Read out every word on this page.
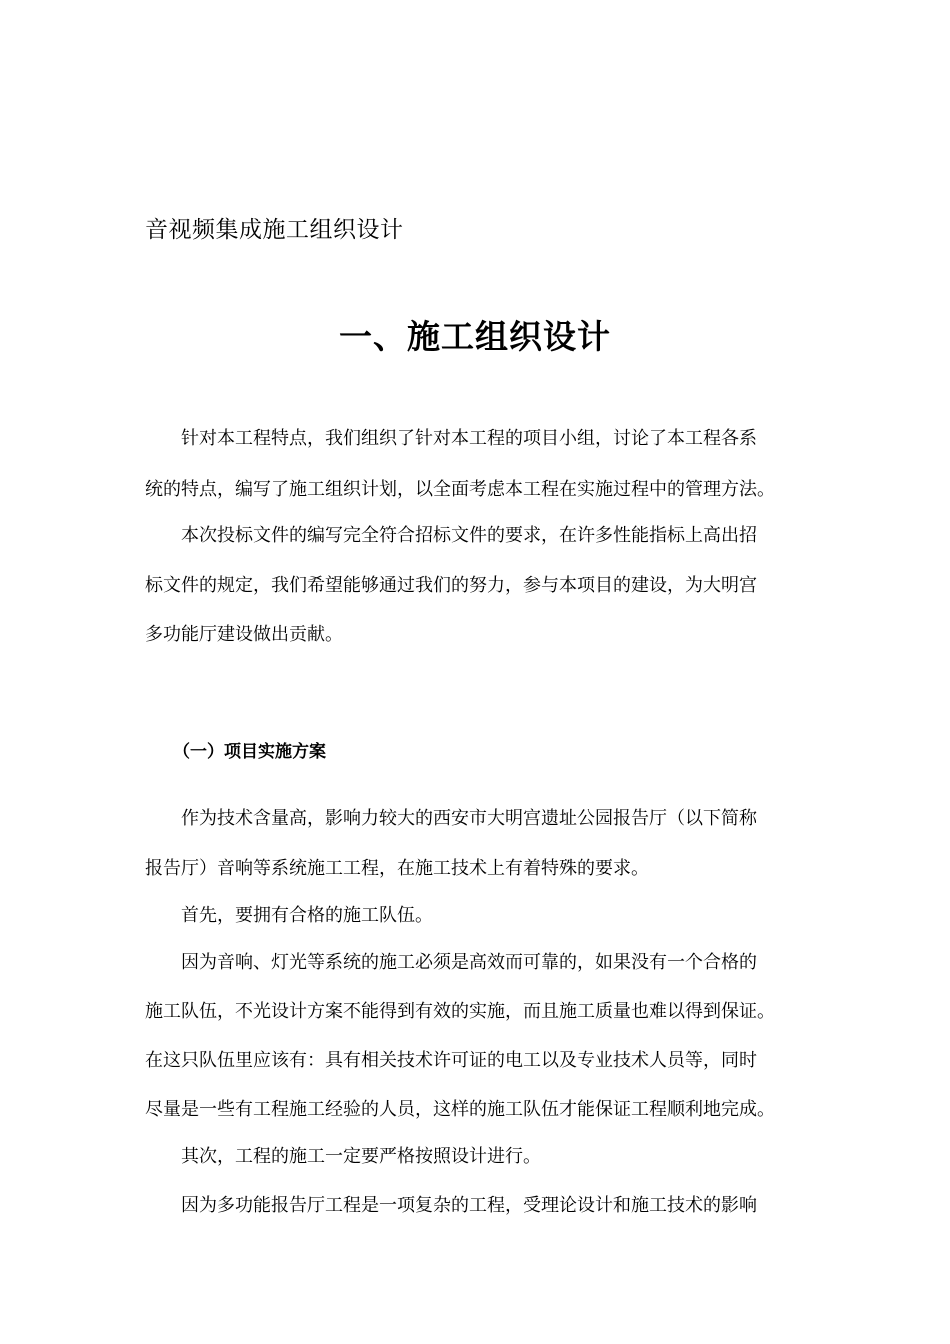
音视频集成施工组织设计
一、施工组织设计
针对本工程特点，我们组织了针对本工程的项目小组，讨论了本工程各系
统的特点，编写了施工组织计划，以全面考虑本工程在实施过程中的管理方法。
本次投标文件的编写完全符合招标文件的要求，在许多性能指标上高出招
标文件的规定，我们希望能够通过我们的努力，参与本项目的建设，为大明宫
多功能厅建设做出贡献。
（一）项目实施方案
作为技术含量高，影响力较大的西安市大明宫遗址公园报告厅（以下简称
报告厅）音响等系统施工工程，在施工技术上有着特殊的要求。
首先，要拥有合格的施工队伍。
因为音响、灯光等系统的施工必须是高效而可靠的，如果没有一个合格的
施工队伍，不光设计方案不能得到有效的实施，而且施工质量也难以得到保证。
在这只队伍里应该有：具有相关技术许可证的电工以及专业技术人员等，同时
尽量是一些有工程施工经验的人员，这样的施工队伍才能保证工程顺利地完成。
其次，工程的施工一定要严格按照设计进行。
因为多功能报告厅工程是一项复杂的工程，受理论设计和施工技术的影响
